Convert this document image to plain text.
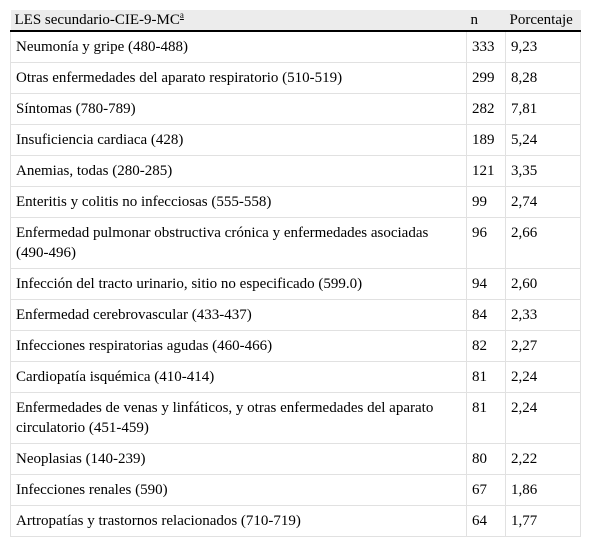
LES secundario-$CIE-9-MC^a$	n	Porcentaje
Neumonía y gripe (480-488)	333	9,23
Otras enfermedades del aparato respiratorio (510-519)	299	8,28
Síntomas (780-789)	282	7,81
Insuficiencia cardiaca (428)	189	5,24
Anemias, todas (280-285)	121	3,35
Enteritis y colitis no infecciosas (555-558)	99	2,74
Enfermedad pulmonar obstructiva crónica y enfermedades asociadas (490-496)	96	2,66
Infección del tracto urinario, sitio no especificado (599.0)	94	2,60
Enfermedad cerebrovascular (433-437)	84	2,33
Infecciones respiratorias agudas (460-466)	82	2,27
Cardiopatía isquémica (410-414)	81	2,24
Enfermedades de venas y linfáticos, y otras enfermedades del aparato circulatorio (451-459)	81	2,24
Neoplasias (140-239)	80	2,22
Infecciones renales (590)	67	1,86
Artropatías y trastornos relacionados (710-719)	64	1,77
